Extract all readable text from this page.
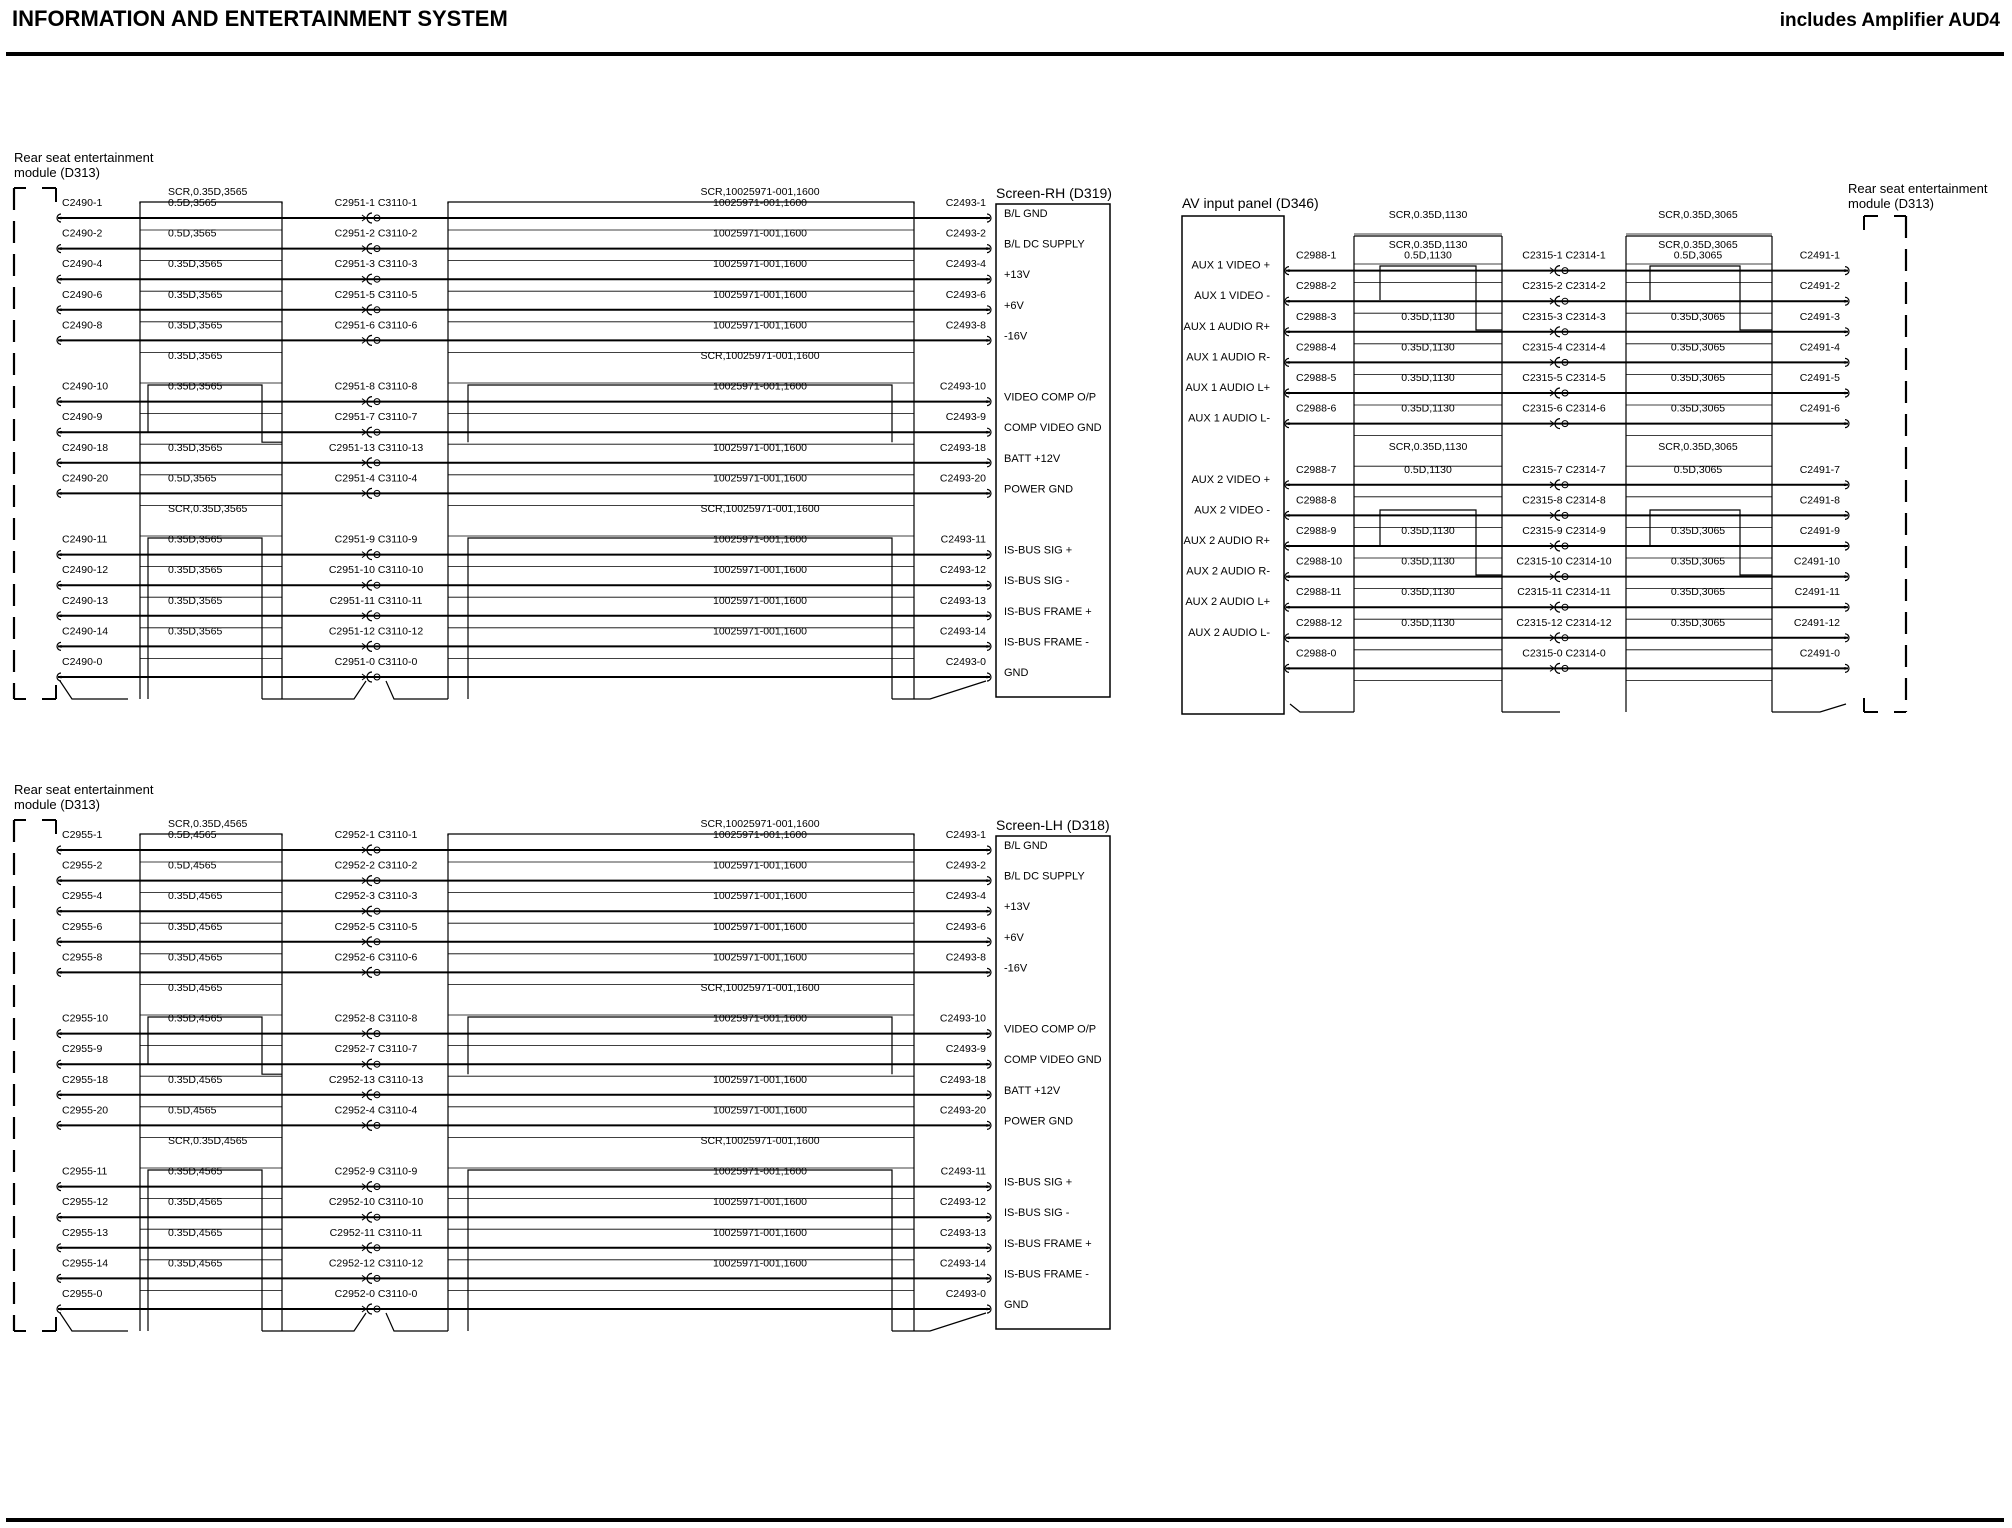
INFORMATION AND ENTERTAINMENT SYSTEM	includes Amplifier AUD4
Rear seat entertainment
module (D313)
SCR,0.35D,3565	SCR,10025971-001,1600	Screen-RH (D319)
C2490-1	0.5D,3565	C2951-1 C3110-1	10025971-001,1600	C2493-1
B/L GND
C2490-2	0.5D,3565	C2951-2 C3110-2	10025971-001,1600	C2493-2
B/L DC SUPPLY
C2490-4	0.35D,3565	C2951-3 C3110-3	10025971-001,1600	C2493-4
+13V
C2490-6	0.35D,3565	C2951-5 C3110-5	10025971-001,1600	C2493-6
+6V
C2490-8	0.35D,3565	C2951-6 C3110-6	10025971-001,1600	C2493-8
-16V
0.35D,3565	SCR,10025971-001,1600
C2490-10	0.35D,3565	C2951-8 C3110-8	10025971-001,1600	C2493-10
VIDEO COMP O/P
C2490-9	C2951-7 C3110-7	C2493-9
COMP VIDEO GND
C2490-18	0.35D,3565	C2951-13 C3110-13	10025971-001,1600	C2493-18
BATT +12V
C2490-20	0.5D,3565	C2951-4 C3110-4	10025971-001,1600	C2493-20
POWER GND
SCR,0.35D,3565	SCR,10025971-001,1600
C2490-11	0.35D,3565	C2951-9 C3110-9	10025971-001,1600	C2493-11
IS-BUS SIG +
C2490-12	0.35D,3565	C2951-10 C3110-10	10025971-001,1600	C2493-12
IS-BUS SIG -
C2490-13	0.35D,3565	C2951-11 C3110-11	10025971-001,1600	C2493-13
IS-BUS FRAME +
C2490-14	0.35D,3565	C2951-12 C3110-12	10025971-001,1600	C2493-14
IS-BUS FRAME -
C2490-0	C2951-0 C3110-0	C2493-0
GND
Rear seat entertainment
module (D313)
SCR,0.35D,4565	SCR,10025971-001,1600	Screen-LH (D318)
C2955-1	0.5D,4565	C2952-1 C3110-1	10025971-001,1600	C2493-1
B/L GND
C2955-2	0.5D,4565	C2952-2 C3110-2	10025971-001,1600	C2493-2
B/L DC SUPPLY
C2955-4	0.35D,4565	C2952-3 C3110-3	10025971-001,1600	C2493-4
+13V
C2955-6	0.35D,4565	C2952-5 C3110-5	10025971-001,1600	C2493-6
+6V
C2955-8	0.35D,4565	C2952-6 C3110-6	10025971-001,1600	C2493-8
-16V
0.35D,4565	SCR,10025971-001,1600
C2955-10	0.35D,4565	C2952-8 C3110-8	10025971-001,1600	C2493-10
VIDEO COMP O/P
C2955-9	C2952-7 C3110-7	C2493-9
COMP VIDEO GND
C2955-18	0.35D,4565	C2952-13 C3110-13	10025971-001,1600	C2493-18
BATT +12V
C2955-20	0.5D,4565	C2952-4 C3110-4	10025971-001,1600	C2493-20
POWER GND
SCR,0.35D,4565	SCR,10025971-001,1600
C2955-11	0.35D,4565	C2952-9 C3110-9	10025971-001,1600	C2493-11
IS-BUS SIG +
C2955-12	0.35D,4565	C2952-10 C3110-10	10025971-001,1600	C2493-12
IS-BUS SIG -
C2955-13	0.35D,4565	C2952-11 C3110-11	10025971-001,1600	C2493-13
IS-BUS FRAME +
C2955-14	0.35D,4565	C2952-12 C3110-12	10025971-001,1600	C2493-14
IS-BUS FRAME -
C2955-0	C2952-0 C3110-0	C2493-0
GND
AV input panel (D346)
Rear seat entertainment
module (D313)
SCR,0.35D,1130	SCR,0.35D,3065
SCR,0.35D,1130	SCR,0.35D,3065
AUX 1 VIDEO +
C2988-1	0.5D,1130	C2315-1 C2314-1	0.5D,3065	C2491-1
AUX 1 VIDEO -
C2988-2	C2315-2 C2314-2	C2491-2
AUX 1 AUDIO R+
C2988-3	0.35D,1130	C2315-3 C2314-3	0.35D,3065	C2491-3
AUX 1 AUDIO R-
C2988-4	0.35D,1130	C2315-4 C2314-4	0.35D,3065	C2491-4
AUX 1 AUDIO L+
C2988-5	0.35D,1130	C2315-5 C2314-5	0.35D,3065	C2491-5
AUX 1 AUDIO L-
C2988-6	0.35D,1130	C2315-6 C2314-6	0.35D,3065	C2491-6
SCR,0.35D,1130	SCR,0.35D,3065
AUX 2 VIDEO +
C2988-7	0.5D,1130	C2315-7 C2314-7	0.5D,3065	C2491-7
AUX 2 VIDEO -
C2988-8	C2315-8 C2314-8	C2491-8
AUX 2 AUDIO R+
C2988-9	0.35D,1130	C2315-9 C2314-9	0.35D,3065	C2491-9
AUX 2 AUDIO R-
C2988-10	0.35D,1130	C2315-10 C2314-10	0.35D,3065	C2491-10
AUX 2 AUDIO L+
C2988-11	0.35D,1130	C2315-11 C2314-11	0.35D,3065	C2491-11
AUX 2 AUDIO L-
C2988-12	0.35D,1130	C2315-12 C2314-12	0.35D,3065	C2491-12
C2988-0	C2315-0 C2314-0	C2491-0
